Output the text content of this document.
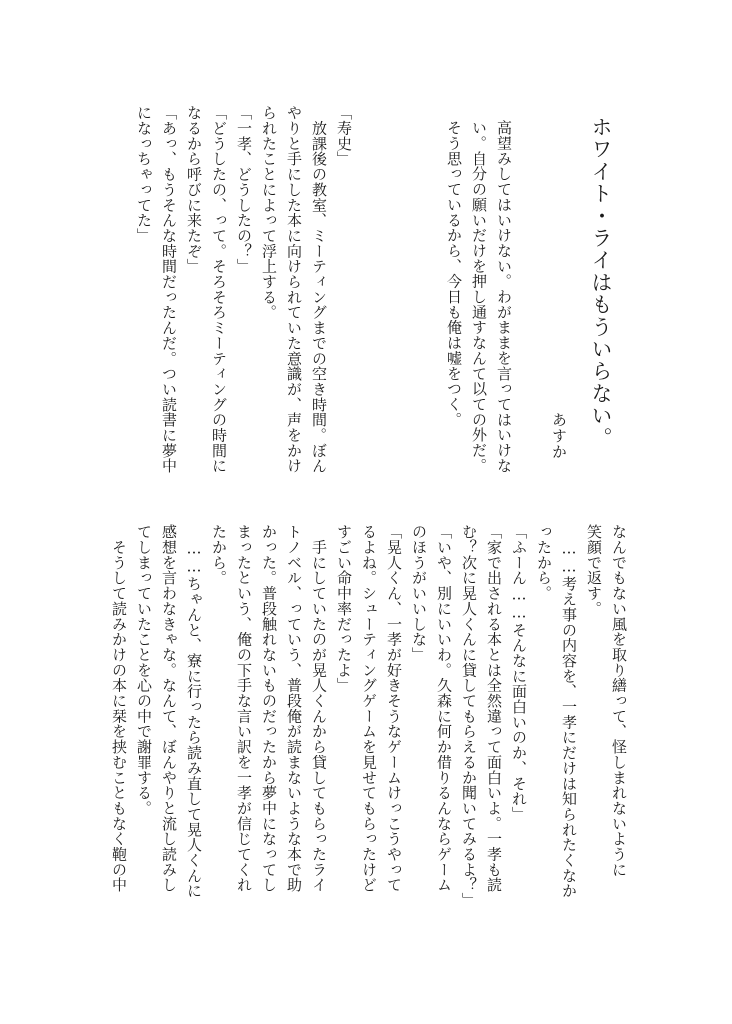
ホワイト・ライはもういらない。
あすか
高望みしてはいけない。わがままを言ってはいけな
い。自分の願いだけを押し通すなんて以ての外だ。
そう思っているから、今日も俺は嘘をつく。
「寿史」
　放課後の教室、ミーティングまでの空き時間。ぼん
やりと手にした本に向けられていた意識が、声をかけ
られたことによって浮上する。
「一孝、どうしたの？」
「どうしたの、って。そろそろミーティングの時間に
なるから呼びに来たぞ」
「あっ、もうそんな時間だったんだ。つい読書に夢中
になっちゃってた」
なんでもない風を取り繕って、怪しまれないように
笑顔で返す。
　……考え事の内容を、一孝にだけは知られたくなか
ったから。
「ふーん……そんなに面白いのか、それ」
「家で出される本とは全然違って面白いよ。一孝も読
む？次に晃人くんに貸してもらえるか聞いてみるよ？」
「いや、別にいいわ。久森に何か借りるんならゲーム
のほうがいいしな」
「晃人くん、一孝が好きそうなゲームけっこうやって
るよね。シューティングゲームを見せてもらったけど
すごい命中率だったよ」
　手にしていたのが晃人くんから貸してもらったライ
トノベル、っていう、普段俺が読まないような本で助
かった。普段触れないものだったから夢中になってし
まったという、俺の下手な言い訳を一孝が信じてくれ
たから。
　……ちゃんと、寮に行ったら読み直して晃人くんに
感想を言わなきゃな。なんて、ぼんやりと流し読みし
てしまっていたことを心の中で謝罪する。
　そうして読みかけの本に栞を挟むこともなく鞄の中
